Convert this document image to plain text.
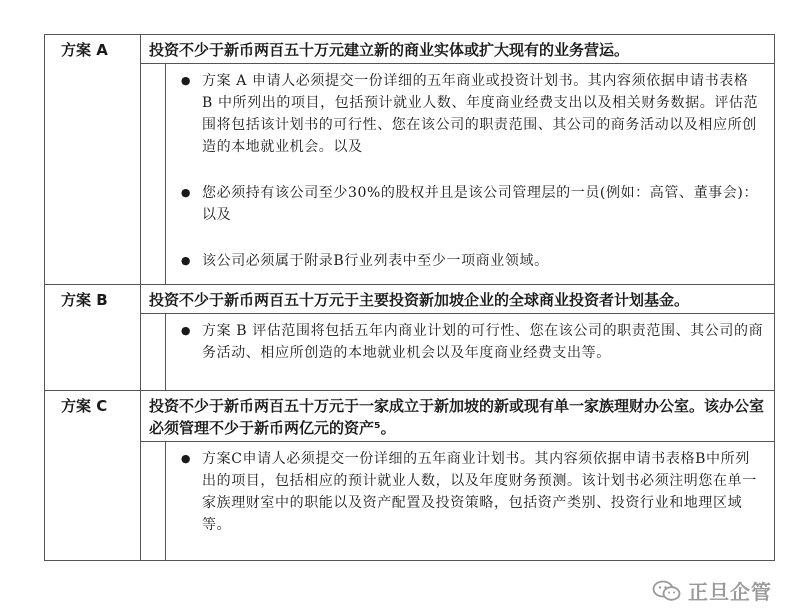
方案 A	投资不少于新币两百五十万元建立新的商业实体或扩大现有的业务营运。
● 方案 A 申请人必须提交一份详细的五年商业或投资计划书。其内容须依据申请书表格 B 中所列出的项目，包括预计就业人数、年度商业经费支出以及相关财务数据。评估范围将包括该计划书的可行性、您在该公司的职责范围、其公司的商务活动以及相应所创造的本地就业机会。以及
● 您必须持有该公司至少30%的股权并且是该公司管理层的一员(例如：高管、董事会)：以及
● 该公司必须属于附录B行业列表中至少一项商业领域。
方案 B	投资不少于新币两百五十万元于主要投资新加坡企业的全球商业投资者计划基金。
● 方案 B 评估范围将包括五年内商业计划的可行性、您在该公司的职责范围、其公司的商务活动、相应所创造的本地就业机会以及年度商业经费支出等。
方案 C	投资不少于新币两百五十万元于一家成立于新加坡的新或现有单一家族理财办公室。该办公室必须管理不少于新币两亿元的资产⁵。
● 方案C申请人必须提交一份详细的五年商业计划书。其内容须依据申请书表格B中所列出的项目，包括相应的预计就业人数，以及年度财务预测。该计划书必须注明您在单一家族理财室中的职能以及资产配置及投资策略，包括资产类别、投资行业和地理区域等。
正旦企管
